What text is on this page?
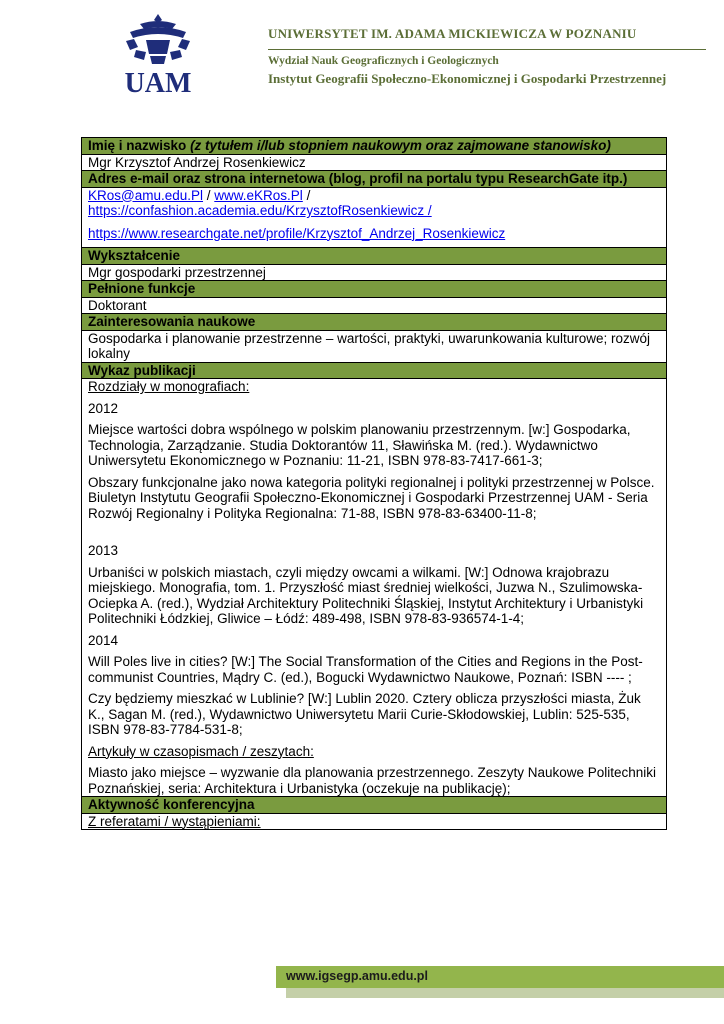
UAM
UNIWERSYTET IM. ADAMA MICKIEWICZA W POZNANIU
Wydział Nauk Geograficznych i Geologicznych
Instytut Geografii Społeczno-Ekonomicznej i Gospodarki Przestrzennej
Imię i nazwisko (z tytułem i/lub stopniem naukowym oraz zajmowane stanowisko)
Mgr Krzysztof Andrzej Rosenkiewicz
Adres e-mail oraz strona internetowa (blog, profil na portalu typu ResearchGate itp.)

KRos@amu.edu.Pl / www.eKRos.Pl /

https://confashion.academia.edu/KrzysztofRosenkiewicz /

https://www.researchgate.net/profile/Krzysztof_Andrzej_Rosenkiewicz

Wykształcenie
Mgr gospodarki przestrzennej
Pełnione funkcje
Doktorant
Zainteresowania naukowe
Gospodarka i planowanie przestrzenne – wartości, praktyki, uwarunkowania kulturowe; rozwój lokalny
Wykaz publikacji

Rozdziały w monografiach:

2012

Miejsce wartości dobra wspólnego w polskim planowaniu przestrzennym. [w:] Gospodarka, Technologia, Zarządzanie. Studia Doktorantów 11, Sławińska M. (red.). Wydawnictwo Uniwersytetu Ekonomicznego w Poznaniu: 11-21, ISBN 978-83-7417-661-3;

Obszary funkcjonalne jako nowa kategoria polityki regionalnej i polityki przestrzennej w Polsce. Biuletyn Instytutu Geografii Społeczno-Ekonomicznej i Gospodarki Przestrzennej UAM - Seria Rozwój Regionalny i Polityka Regionalna: 71-88, ISBN 978-83-63400-11-8;

2013

Urbaniści w polskich miastach, czyli między owcami a wilkami. [W:] Odnowa krajobrazu miejskiego. Monografia, tom. 1. Przyszłość miast średniej wielkości, Juzwa N., Szulimowska-Ociepka A. (red.), Wydział Architektury Politechniki Śląskiej, Instytut Architektury i Urbanistyki Politechniki Łódzkiej, Gliwice – Łódź: 489-498, ISBN 978-83-936574-1-4;

2014

Will Poles live in cities? [W:] The Social Transformation of the Cities and Regions in the Post-communist Countries, Mądry C. (ed.), Bogucki Wydawnictwo Naukowe, Poznań: ISBN ---- ;

Czy będziemy mieszkać w Lublinie? [W:] Lublin 2020. Cztery oblicza przyszłości miasta, Żuk K., Sagan M. (red.), Wydawnictwo Uniwersytetu Marii Curie-Skłodowskiej, Lublin: 525-535, ISBN 978-83-7784-531-8;

Artykuły w czasopismach / zeszytach:

Miasto jako miejsce – wyzwanie dla planowania przestrzennego. Zeszyty Naukowe Politechniki Poznańskiej, seria: Architektura i Urbanistyka (oczekuje na publikację);

Aktywność konferencyjna

Z referatami / wystąpieniami:

www.igsegp.amu.edu.pl
